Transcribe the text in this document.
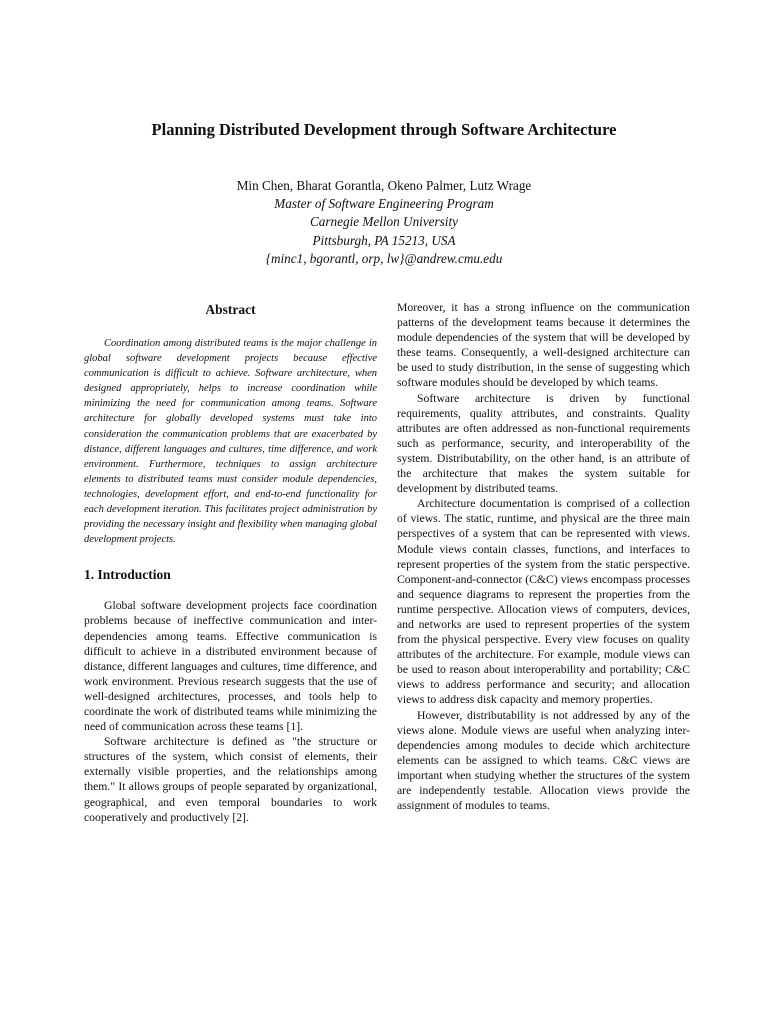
Planning Distributed Development through Software Architecture
Min Chen, Bharat Gorantla, Okeno Palmer, Lutz Wrage
Master of Software Engineering Program
Carnegie Mellon University
Pittsburgh, PA 15213, USA
{minc1, bgorantl, orp, lw}@andrew.cmu.edu
Abstract

Coordination among distributed teams is the major challenge in global software development projects because effective communication is difficult to achieve. Software architecture, when designed appropriately, helps to increase coordination while minimizing the need for communication among teams. Software architecture for globally developed systems must take into consideration the communication problems that are exacerbated by distance, different languages and cultures, time difference, and work environment. Furthermore, techniques to assign architecture elements to distributed teams must consider module dependencies, technologies, development effort, and end-to-end functionality for each development iteration. This facilitates project administration by providing the necessary insight and flexibility when managing global development projects.

1. Introduction

Global software development projects face coordination problems because of ineffective communication and inter-dependencies among teams. Effective communication is difficult to achieve in a distributed environment because of distance, different languages and cultures, time difference, and work environment. Previous research suggests that the use of well-designed architectures, processes, and tools help to coordinate the work of distributed teams while minimizing the need of communication across these teams [1].

Software architecture is defined as "the structure or structures of the system, which consist of elements, their externally visible properties, and the relationships among them." It allows groups of people separated by organizational, geographical, and even temporal boundaries to work cooperatively and productively [2].

Moreover, it has a strong influence on the communication patterns of the development teams because it determines the module dependencies of the system that will be developed by these teams. Consequently, a well-designed architecture can be used to study distribution, in the sense of suggesting which software modules should be developed by which teams.

Software architecture is driven by functional requirements, quality attributes, and constraints. Quality attributes are often addressed as non-functional requirements such as performance, security, and interoperability of the system. Distributability, on the other hand, is an attribute of the architecture that makes the system suitable for development by distributed teams.

Architecture documentation is comprised of a collection of views. The static, runtime, and physical are the three main perspectives of a system that can be represented with views. Module views contain classes, functions, and interfaces to represent properties of the system from the static perspective. Component-and-connector (C&C) views encompass processes and sequence diagrams to represent the properties from the runtime perspective. Allocation views of computers, devices, and networks are used to represent properties of the system from the physical perspective. Every view focuses on quality attributes of the architecture. For example, module views can be used to reason about interoperability and portability; C&C views to address performance and security; and allocation views to address disk capacity and memory properties.

However, distributability is not addressed by any of the views alone. Module views are useful when analyzing inter-dependencies among modules to decide which architecture elements can be assigned to which teams. C&C views are important when studying whether the structures of the system are independently testable. Allocation views provide the assignment of modules to teams.
